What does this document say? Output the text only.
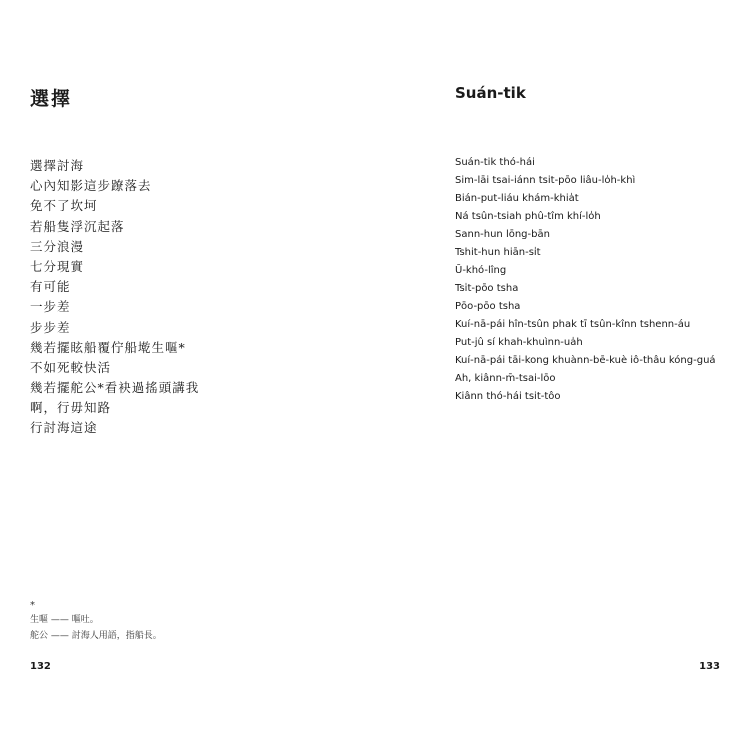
選擇
選擇討海
心內知影這步蹽落去
免不了坎坷
若船隻浮沉起落
三分浪漫
七分現實
有可能
一步差
步步差
幾若擺眩船覆佇船墘生嘔*
不如死較快活
幾若擺舵公*看袂過搖頭講我
啊，行毋知路
行討海這途
*
生嘔 —— 嘔吐。
舵公 —— 討海人用語，指船長。
132
Suán-tik
Suán-tik thó-hái
Sim-lāi tsai-iánn tsit-pōo liâu-lo̍h-khì
Bián-put-liáu khám-khia̍t
Ná tsûn-tsiah phû-tîm khí-lo̍h
Sann-hun lōng-bān
Tshit-hun hiān-si̍t
Ū-khó-lîng
Tsi̍t-pōo tsha
Pōo-pōo tsha
Kuí-nā-pái hîn-tsûn phak tī tsûn-kînn tshenn-áu
Put-jû sí khah-khuìnn-ua̍h
Kuí-nā-pái tāi-kong khuànn-bē-kuè iô-thâu kóng-guá
Ah, kiânn-m̄-tsai-lōo
Kiânn thó-hái tsit-tôo
133
